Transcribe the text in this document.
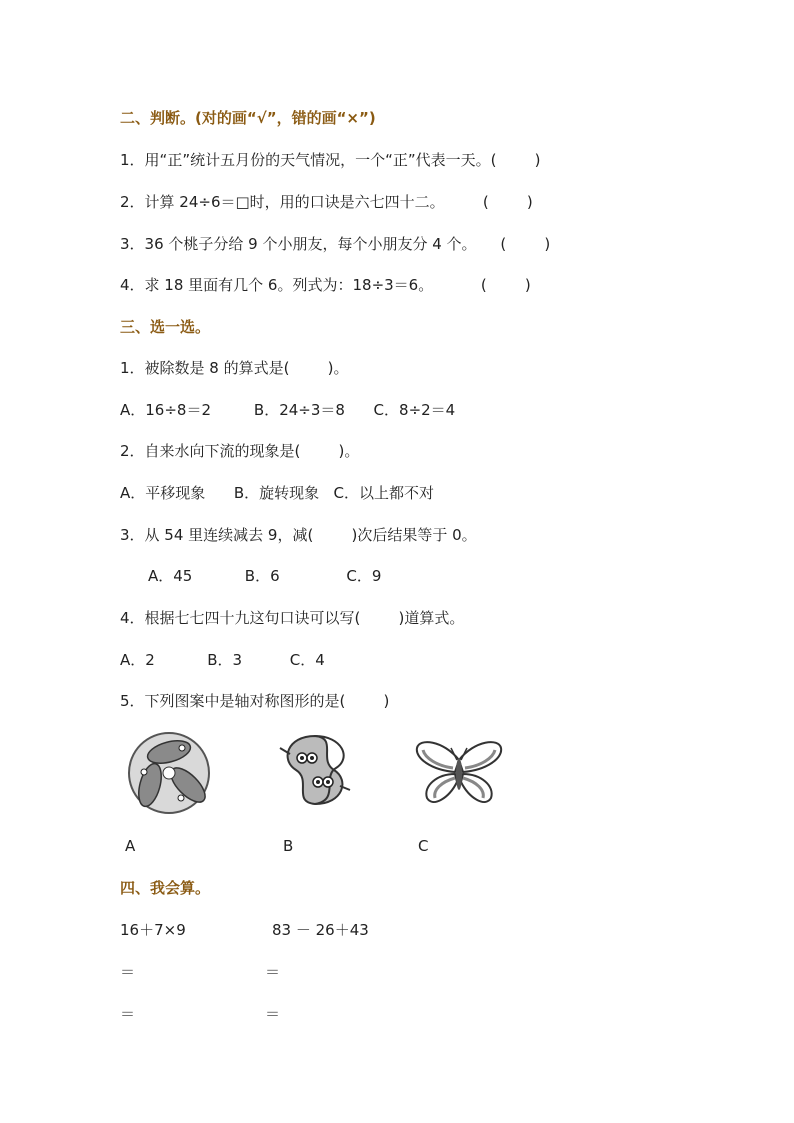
二、判断。(对的画“√”，错的画“×”)
1．用“正”统计五月份的天气情况，一个“正”代表一天。(        )
2．计算 24÷6＝□时，用的口诀是六七四十二。        (        )
3．36 个桃子分给 9 个小朋友，每个小朋友分 4 个。     (        )
4．求 18 里面有几个 6。列式为：18÷3＝6。          (        )
三、选一选。
1．被除数是 8 的算式是(        )。
A．16÷8＝2         B．24÷3＝8      C．8÷2＝4
2．自来水向下流的现象是(        )。
A．平移现象      B．旋转现象   C．以上都不对
3．从 54 里连续减去 9，减(        )次后结果等于 0。
A．45           B．6              C．9
4．根据七七四十九这句口诀可以写(        )道算式。
A．2           B．3          C．4
5．下列图案中是轴对称图形的是(        )
A	B	C
四、我会算。
16＋7×9	83 － 26＋43
＝	＝
＝	＝
